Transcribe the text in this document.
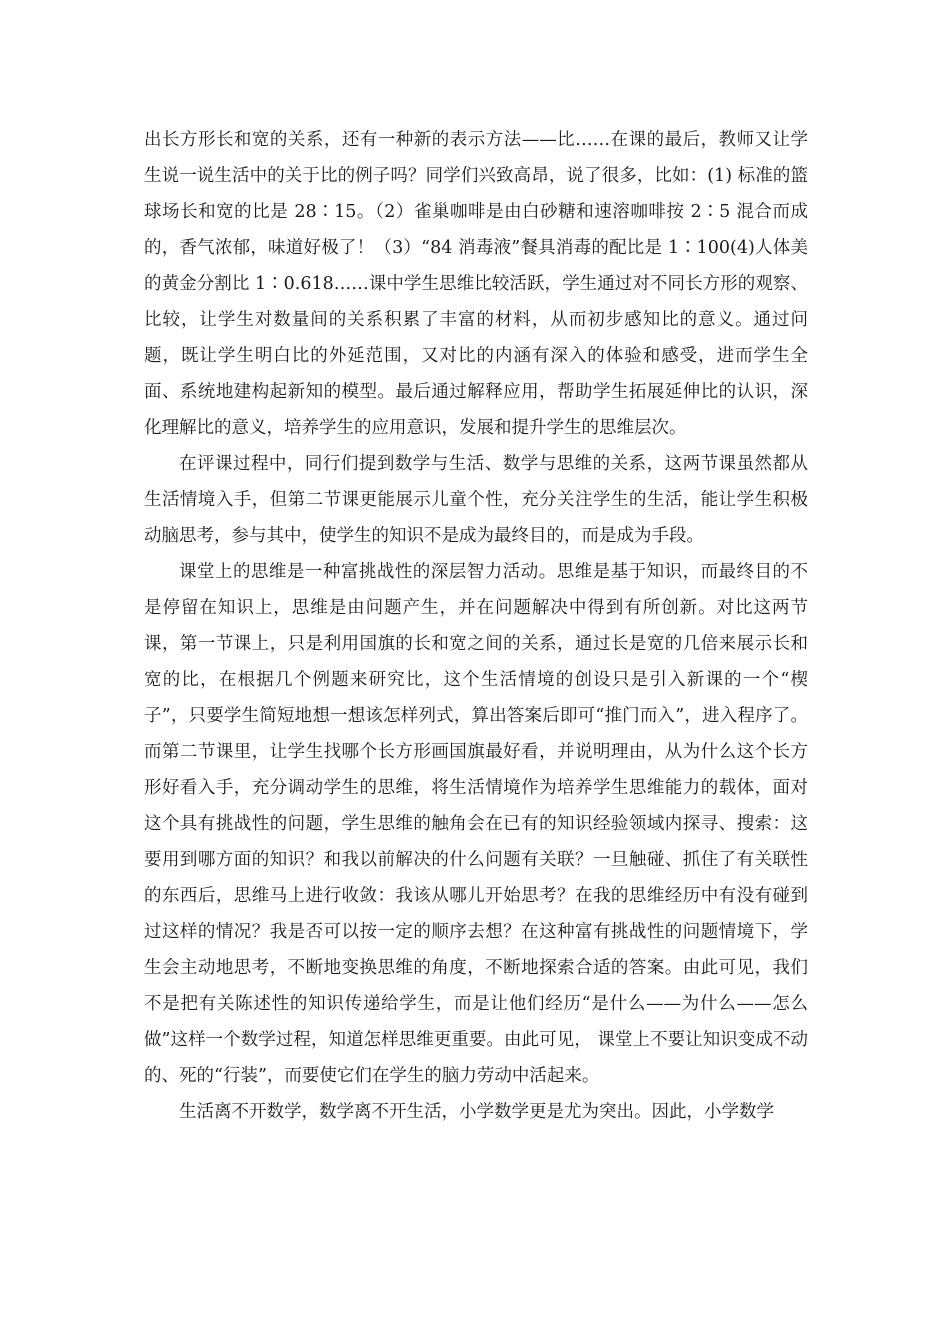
出长方形长和宽的关系，还有一种新的表示方法——比……在课的最后，教师又让学生说一说生活中的关于比的例子吗？同学们兴致高昂，说了很多，比如：(1) 标准的篮球场长和宽的比是 28∶15。（2）雀巢咖啡是由白砂糖和速溶咖啡按 2∶5 混合而成的，香气浓郁，味道好极了！（3）“84 消毒液”餐具消毒的配比是 1∶100(4)人体美的黄金分割比 1∶0.618……课中学生思维比较活跃，学生通过对不同长方形的观察、比较，让学生对数量间的关系积累了丰富的材料，从而初步感知比的意义。通过问题，既让学生明白比的外延范围，又对比的内涵有深入的体验和感受，进而学生全面、系统地建构起新知的模型。最后通过解释应用，帮助学生拓展延伸比的认识，深化理解比的意义，培养学生的应用意识，发展和提升学生的思维层次。

在评课过程中，同行们提到数学与生活、数学与思维的关系，这两节课虽然都从生活情境入手，但第二节课更能展示儿童个性，充分关注学生的生活，能让学生积极动脑思考，参与其中，使学生的知识不是成为最终目的，而是成为手段。

课堂上的思维是一种富挑战性的深层智力活动。思维是基于知识，而最终目的不是停留在知识上，思维是由问题产生，并在问题解决中得到有所创新。对比这两节课，第一节课上，只是利用国旗的长和宽之间的关系，通过长是宽的几倍来展示长和宽的比，在根据几个例题来研究比，这个生活情境的创设只是引入新课的一个“楔子”，只要学生简短地想一想该怎样列式，算出答案后即可“推门而入”，进入程序了。而第二节课里，让学生找哪个长方形画国旗最好看，并说明理由，从为什么这个长方形好看入手，充分调动学生的思维，将生活情境作为培养学生思维能力的载体，面对这个具有挑战性的问题，学生思维的触角会在已有的知识经验领域内探寻、搜索：这要用到哪方面的知识？和我以前解决的什么问题有关联？一旦触碰、抓住了有关联性的东西后，思维马上进行收敛：我该从哪儿开始思考？在我的思维经历中有没有碰到过这样的情况？我是否可以按一定的顺序去想？在这种富有挑战性的问题情境下，学生会主动地思考，不断地变换思维的角度，不断地探索合适的答案。由此可见，我们不是把有关陈述性的知识传递给学生，而是让他们经历“是什么——为什么——怎么做”这样一个数学过程，知道怎样思维更重要。由此可见， 课堂上不要让知识变成不动的、死的“行装”，而要使它们在学生的脑力劳动中活起来。

生活离不开数学，数学离不开生活，小学数学更是尤为突出。因此，小学数学
